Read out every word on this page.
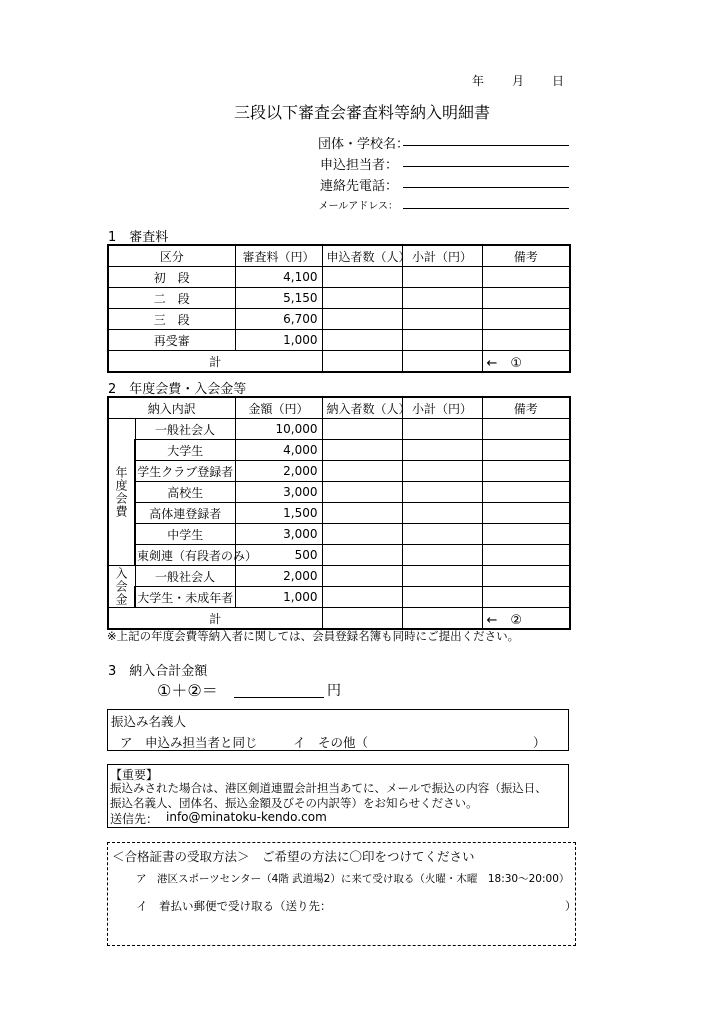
年 月 日
三段以下審査会審査料等納入明細書
団体・学校名：
申込担当者：
連絡先電話：
メールアドレス：
1　審査料
区分	審査料（円）	申込者数（人）	小計（円）	備考
初　段	4,100			
二　段	5,150			
三　段	6,700			
再受審	1,000			
計				←　①
2　年度会費・入会金等
納入内訳		金額（円）	納入者数（人）	小計（円）	備考
年度会費	一般社会人	10,000			
	大学生	4,000			
	学生クラブ登録者	2,000			
	高校生	3,000			
	高体連登録者	1,500			
	中学生	3,000			
	東剣連（有段者のみ）	500			
入会金	一般社会人	2,000			
	大学生・未成年者	1,000			
計					←　②
※上記の年度会費等納入者に関しては、会員登録名簿も同時にご提出ください。
3　納入合計金額
①＋②＝	円
振込み名義人
ア　申込み担当者と同じ	イ　その他（	）
【重要】
振込みされた場合は、港区剣道連盟会計担当あてに、メールで振込の内容（振込日、
振込名義人、団体名、振込金額及びその内訳等）をお知らせください。
送信先： info@minatoku-kendo.com
＜合格証書の受取方法＞　ご希望の方法に〇印をつけてください
ア　港区スポーツセンター（4階 武道場2）に来て受け取る（火曜・木曜　18:30～20:00）
イ　着払い郵便で受け取る（送り先：	）
